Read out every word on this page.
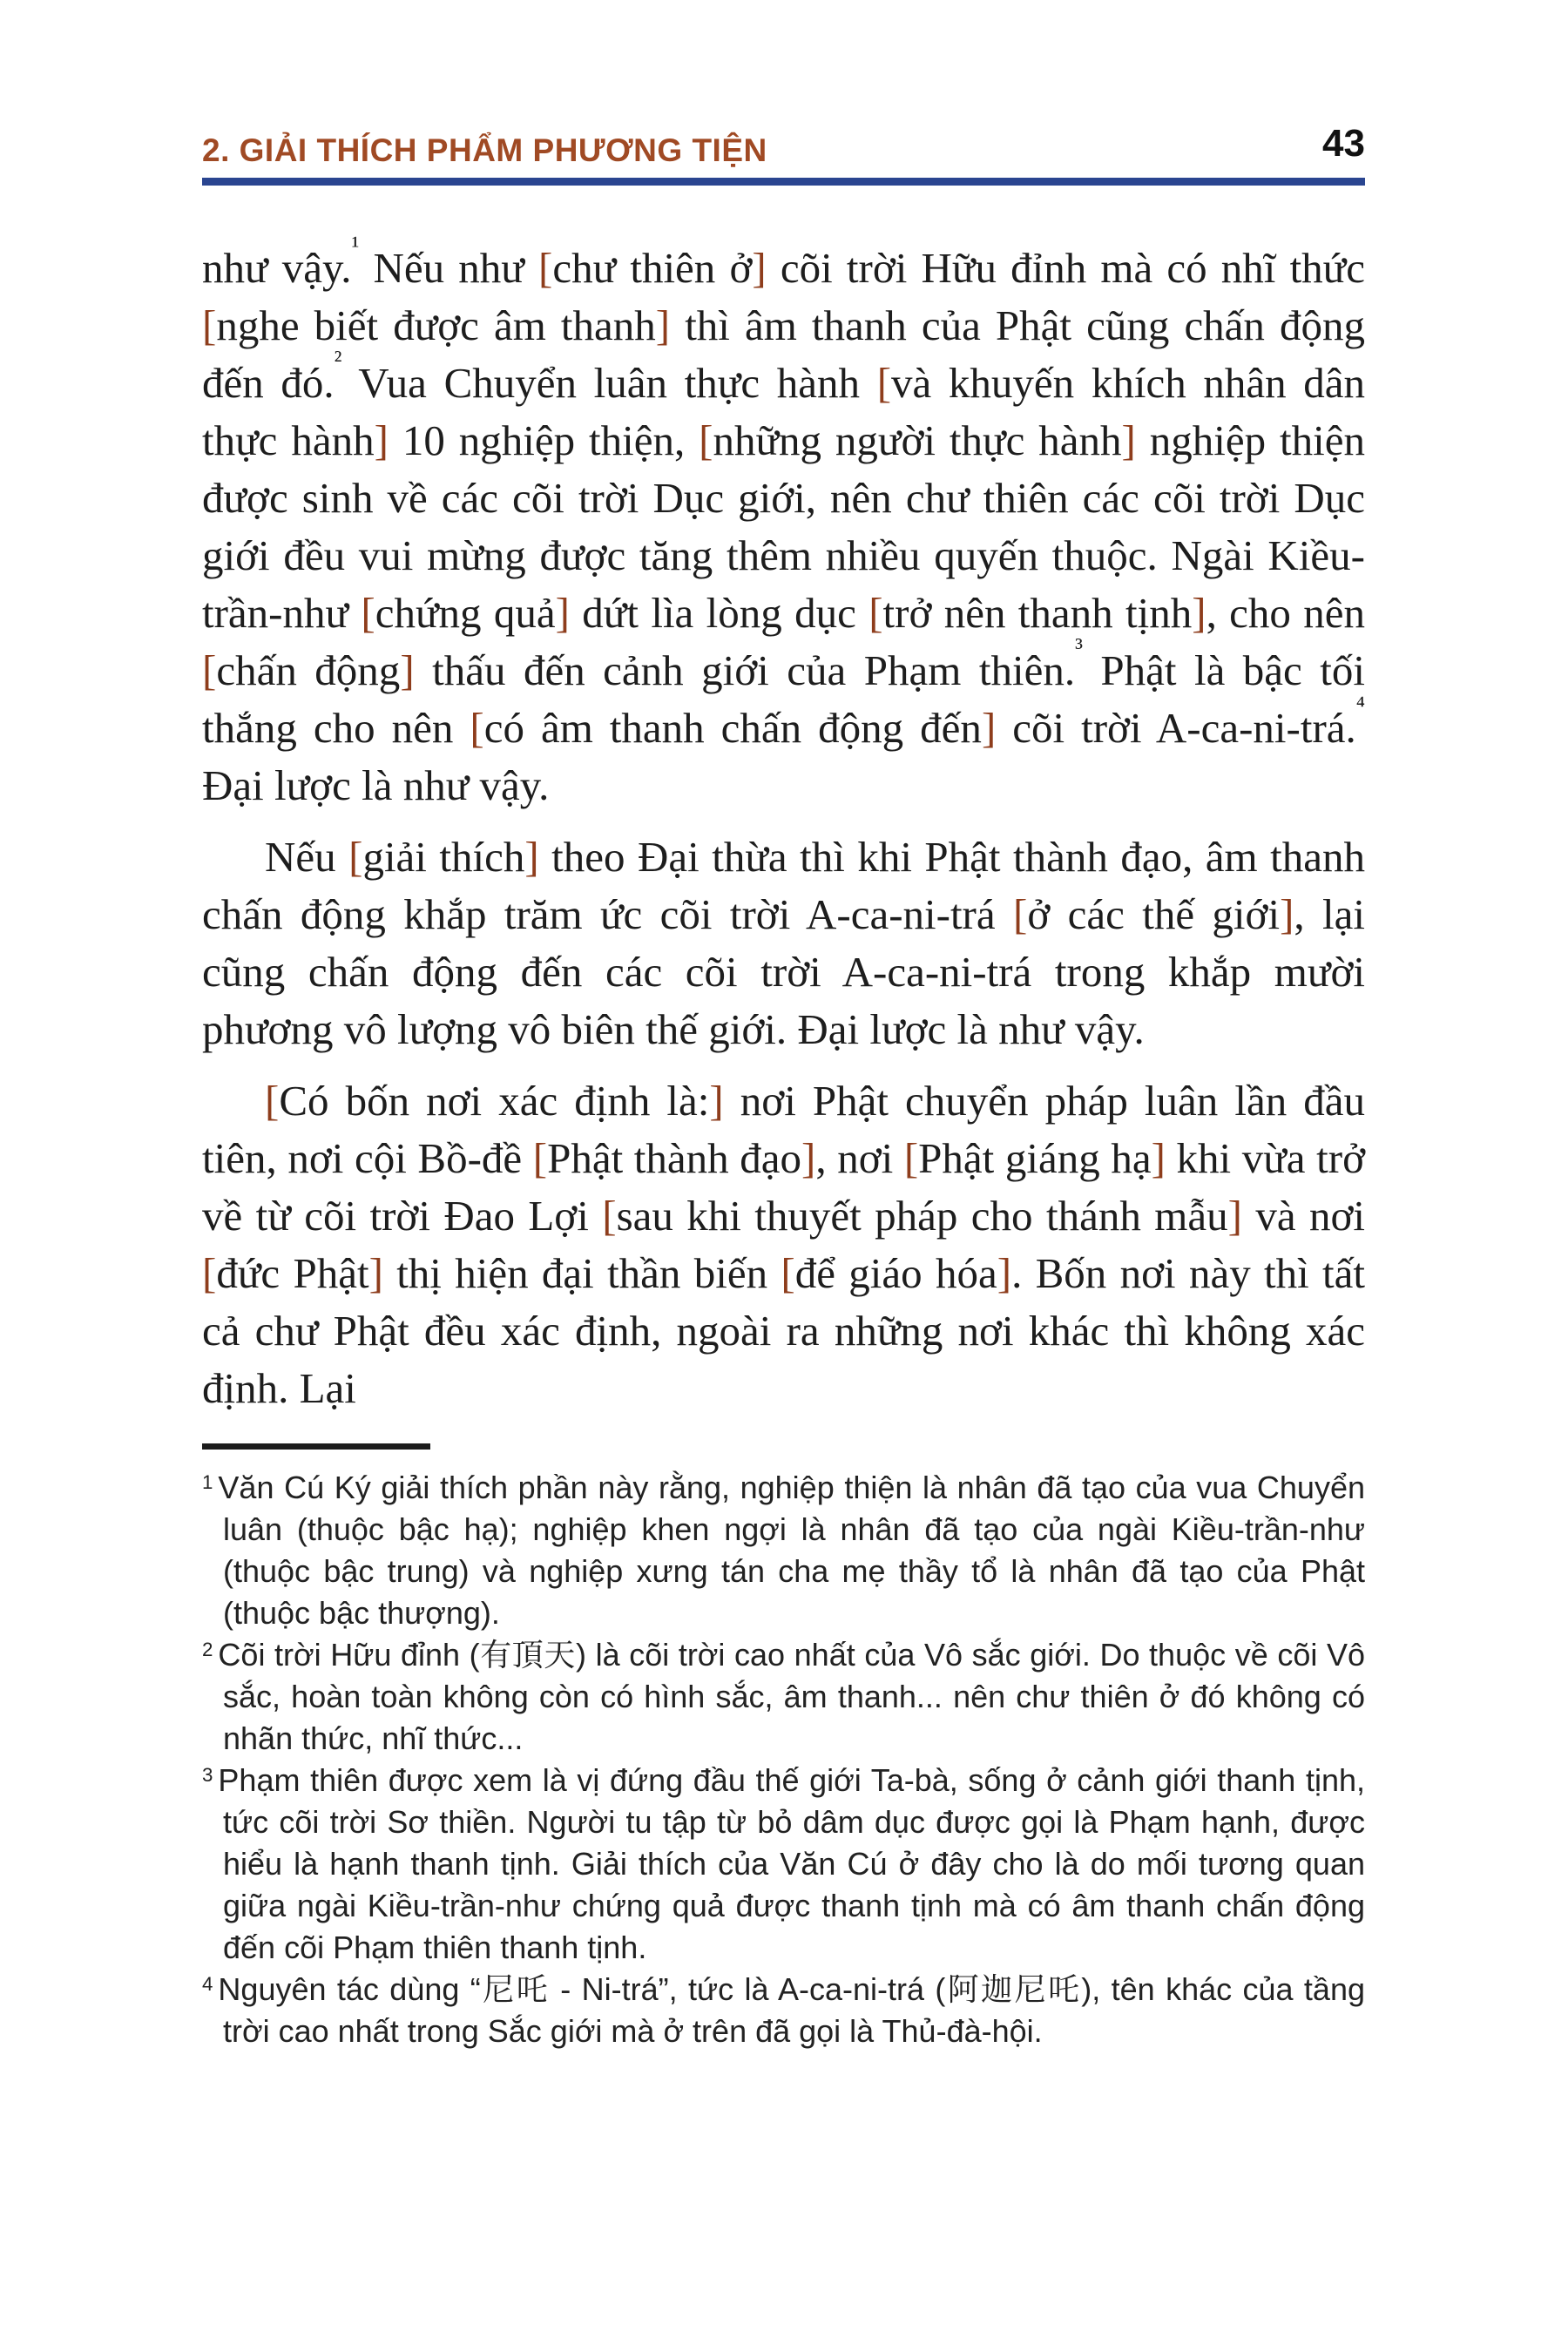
2. GIẢI THÍCH PHẨM PHƯƠNG TIỆN	43

như vậy.$^{^1}$ Nếu như [chư thiên ở] cõi trời Hữu đỉnh mà có nhĩ thức [nghe biết được âm thanh] thì âm thanh của Phật cũng chấn động đến đó.$^{^2}$ Vua Chuyển luân thực hành [và khuyến khích nhân dân thực hành] 10 nghiệp thiện, [những người thực hành] nghiệp thiện được sinh về các cõi trời Dục giới, nên chư thiên các cõi trời Dục giới đều vui mừng được tăng thêm nhiều quyến thuộc. Ngài Kiều-trần-như [chứng quả] dứt lìa lòng dục [trở nên thanh tịnh], cho nên [chấn động] thấu đến cảnh giới của Phạm thiên.$^{^3}$ Phật là bậc tối thắng cho nên [có âm thanh chấn động đến] cõi trời A-ca-ni-trá.$^{^4}$ Đại lược là như vậy.

Nếu [giải thích] theo Đại thừa thì khi Phật thành đạo, âm thanh chấn động khắp trăm ức cõi trời A-ca-ni-trá [ở các thế giới], lại cũng chấn động đến các cõi trời A-ca-ni-trá trong khắp mười phương vô lượng vô biên thế giới. Đại lược là như vậy.

[Có bốn nơi xác định là:] nơi Phật chuyển pháp luân lần đầu tiên, nơi cội Bồ-đề [Phật thành đạo], nơi [Phật giáng hạ] khi vừa trở về từ cõi trời Đao Lợi [sau khi thuyết pháp cho thánh mẫu] và nơi [đức Phật] thị hiện đại thần biến [để giáo hóa]. Bốn nơi này thì tất cả chư Phật đều xác định, ngoài ra những nơi khác thì không xác định. Lại

$^1$ Văn Cú Ký giải thích phần này rằng, nghiệp thiện là nhân đã tạo của vua Chuyển luân (thuộc bậc hạ); nghiệp khen ngợi là nhân đã tạo của ngài Kiều-trần-như (thuộc bậc trung) và nghiệp xưng tán cha mẹ thầy tổ là nhân đã tạo của Phật (thuộc bậc thượng).

$^2$ Cõi trời Hữu đỉnh (有頂天) là cõi trời cao nhất của Vô sắc giới. Do thuộc về cõi Vô sắc, hoàn toàn không còn có hình sắc, âm thanh... nên chư thiên ở đó không có nhãn thức, nhĩ thức...

$^3$ Phạm thiên được xem là vị đứng đầu thế giới Ta-bà, sống ở cảnh giới thanh tịnh, tức cõi trời Sơ thiền. Người tu tập từ bỏ dâm dục được gọi là Phạm hạnh, được hiểu là hạnh thanh tịnh. Giải thích của Văn Cú ở đây cho là do mối tương quan giữa ngài Kiều-trần-như chứng quả được thanh tịnh mà có âm thanh chấn động đến cõi Phạm thiên thanh tịnh.

$^4$ Nguyên tác dùng “尼吒 - Ni-trá”, tức là A-ca-ni-trá (阿迦尼吒), tên khác của tầng trời cao nhất trong Sắc giới mà ở trên đã gọi là Thủ-đà-hội.
